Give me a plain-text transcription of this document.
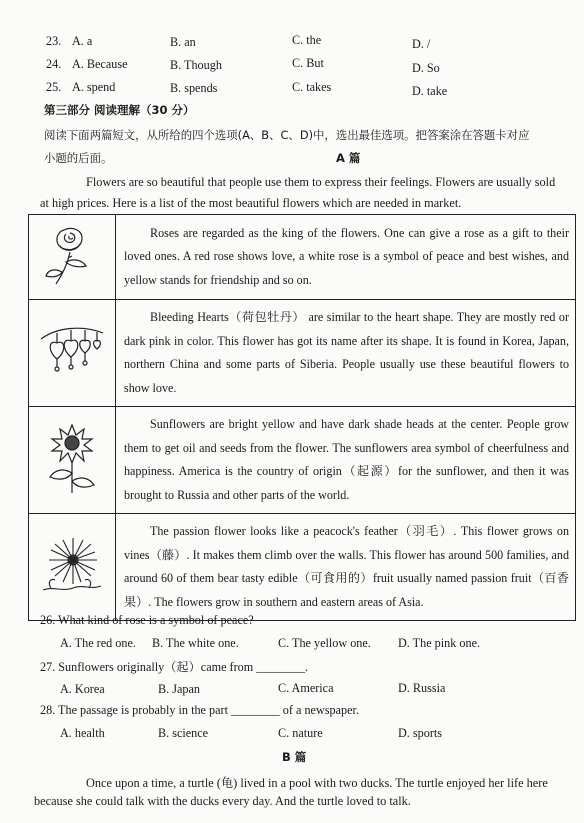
23. A. a	B. an	C. the	D. /
24. A. Because	B. Though	C. But	D. So
25. A. spend	B. spends	C. takes	D. take
第三部分 阅读理解（30 分）
阅读下面两篇短文，从所给的四个选项(A、B、C、D)中，选出最佳选项。把答案涂在答题卡对应
小题的后面。	A 篇
Flowers are so beautiful that people use them to express their feelings. Flowers are usually sold
at high prices. Here is a list of the most beautiful flowers which are needed in market.
	Roses are regarded as the king of the flowers. One can give a rose as a gift to their loved ones. A red rose shows love, a white rose is a symbol of peace and best wishes, and yellow stands for friendship and so on.
	Bleeding Hearts（荷包牡丹） are similar to the heart shape. They are mostly red or dark pink in color. This flower has got its name after its shape. It is found in Korea, Japan, northern China and some parts of Siberia. People usually use these beautiful flowers to show love.
	Sunflowers are bright yellow and have dark shade heads at the center. People grow them to get oil and seeds from the flower. The sunflowers area symbol of cheerfulness and happiness. America is the country of origin（起源）for the sunflower, and then it was brought to Russia and other parts of the world.
	The passion flower looks like a peacock's feather（羽毛）. This flower grows on vines（藤）. It makes them climb over the walls. This flower has around 500 families, and around 60 of them bear tasty edible（可食用的）fruit usually named passion fruit（百香果）. The flowers grow in southern and eastern areas of Asia.
26. What kind of rose is a symbol of peace?
A. The red one. B. The white one.	C. The yellow one. D. The pink one.
27. Sunflowers originally（起）came from ________.
A. Korea	B. Japan	C. America	D. Russia
28. The passage is probably in the part ________ of a newspaper.
A. health	B. science	C. nature	D. sports
B 篇
Once upon a time, a turtle (龟) lived in a pool with two ducks. The turtle enjoyed her life here
because she could talk with the ducks every day. And the turtle loved to talk.
